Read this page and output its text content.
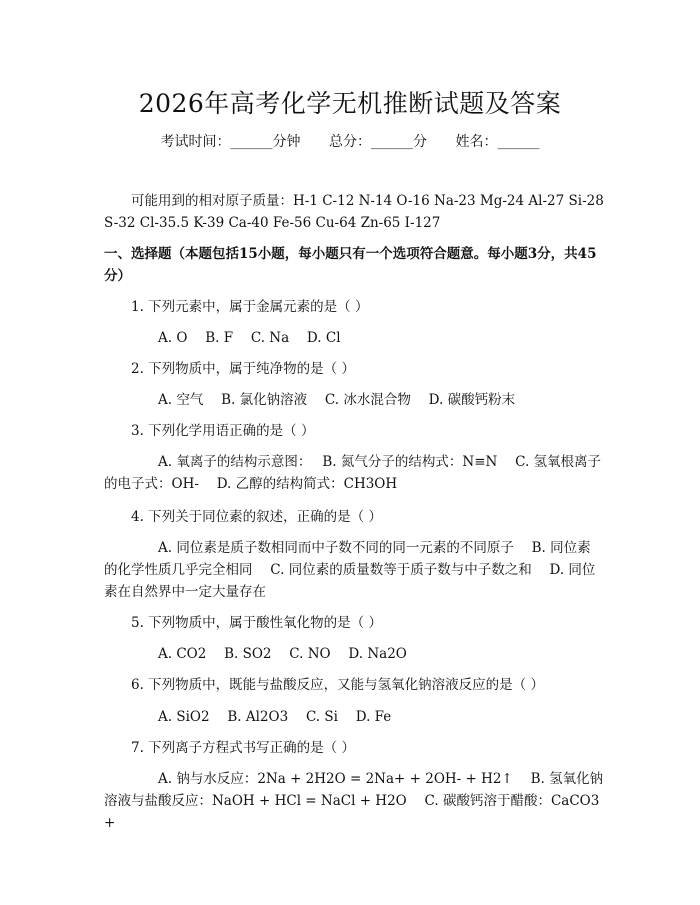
2026年高考化学无机推断试题及答案
考试时间：______分钟 总分：______分 姓名：______
可能用到的相对原子质量：H-1 C-12 N-14 O-16 Na-23 Mg-24 Al-27 Si-28 S-32 Cl-35.5 K-39 Ca-40 Fe-56 Cu-64 Zn-65 I-127
一、选择题（本题包括15小题，每小题只有一个选项符合题意。每小题3分，共45分）
1. 下列元素中，属于金属元素的是（ ）
A. O　 B. F　 C. Na　 D. Cl
2. 下列物质中，属于纯净物的是（ ）
A. 空气　 B. 氯化钠溶液　 C. 冰水混合物　 D. 碳酸钙粉末
3. 下列化学用语正确的是（ ）
A. 氧离子的结构示意图：　 B. 氮气分子的结构式：N≡N　 C. 氢氧根离子的电子式：OH-　 D. 乙醇的结构简式：CH3OH
4. 下列关于同位素的叙述，正确的是（ ）
A. 同位素是质子数相同而中子数不同的同一元素的不同原子　 B. 同位素的化学性质几乎完全相同　 C. 同位素的质量数等于质子数与中子数之和　 D. 同位素在自然界中一定大量存在
5. 下列物质中，属于酸性氧化物的是（ ）
A. CO2　 B. SO2　 C. NO　 D. Na2O
6. 下列物质中，既能与盐酸反应，又能与氢氧化钠溶液反应的是（ ）
A. SiO2　 B. Al2O3　 C. Si　 D. Fe
7. 下列离子方程式书写正确的是（ ）
A. 钠与水反应：2Na + 2H2O = 2Na+ + 2OH- + H2↑　 B. 氢氧化钠溶液与盐酸反应：NaOH + HCl = NaCl + H2O　 C. 碳酸钙溶于醋酸：CaCO3 +
